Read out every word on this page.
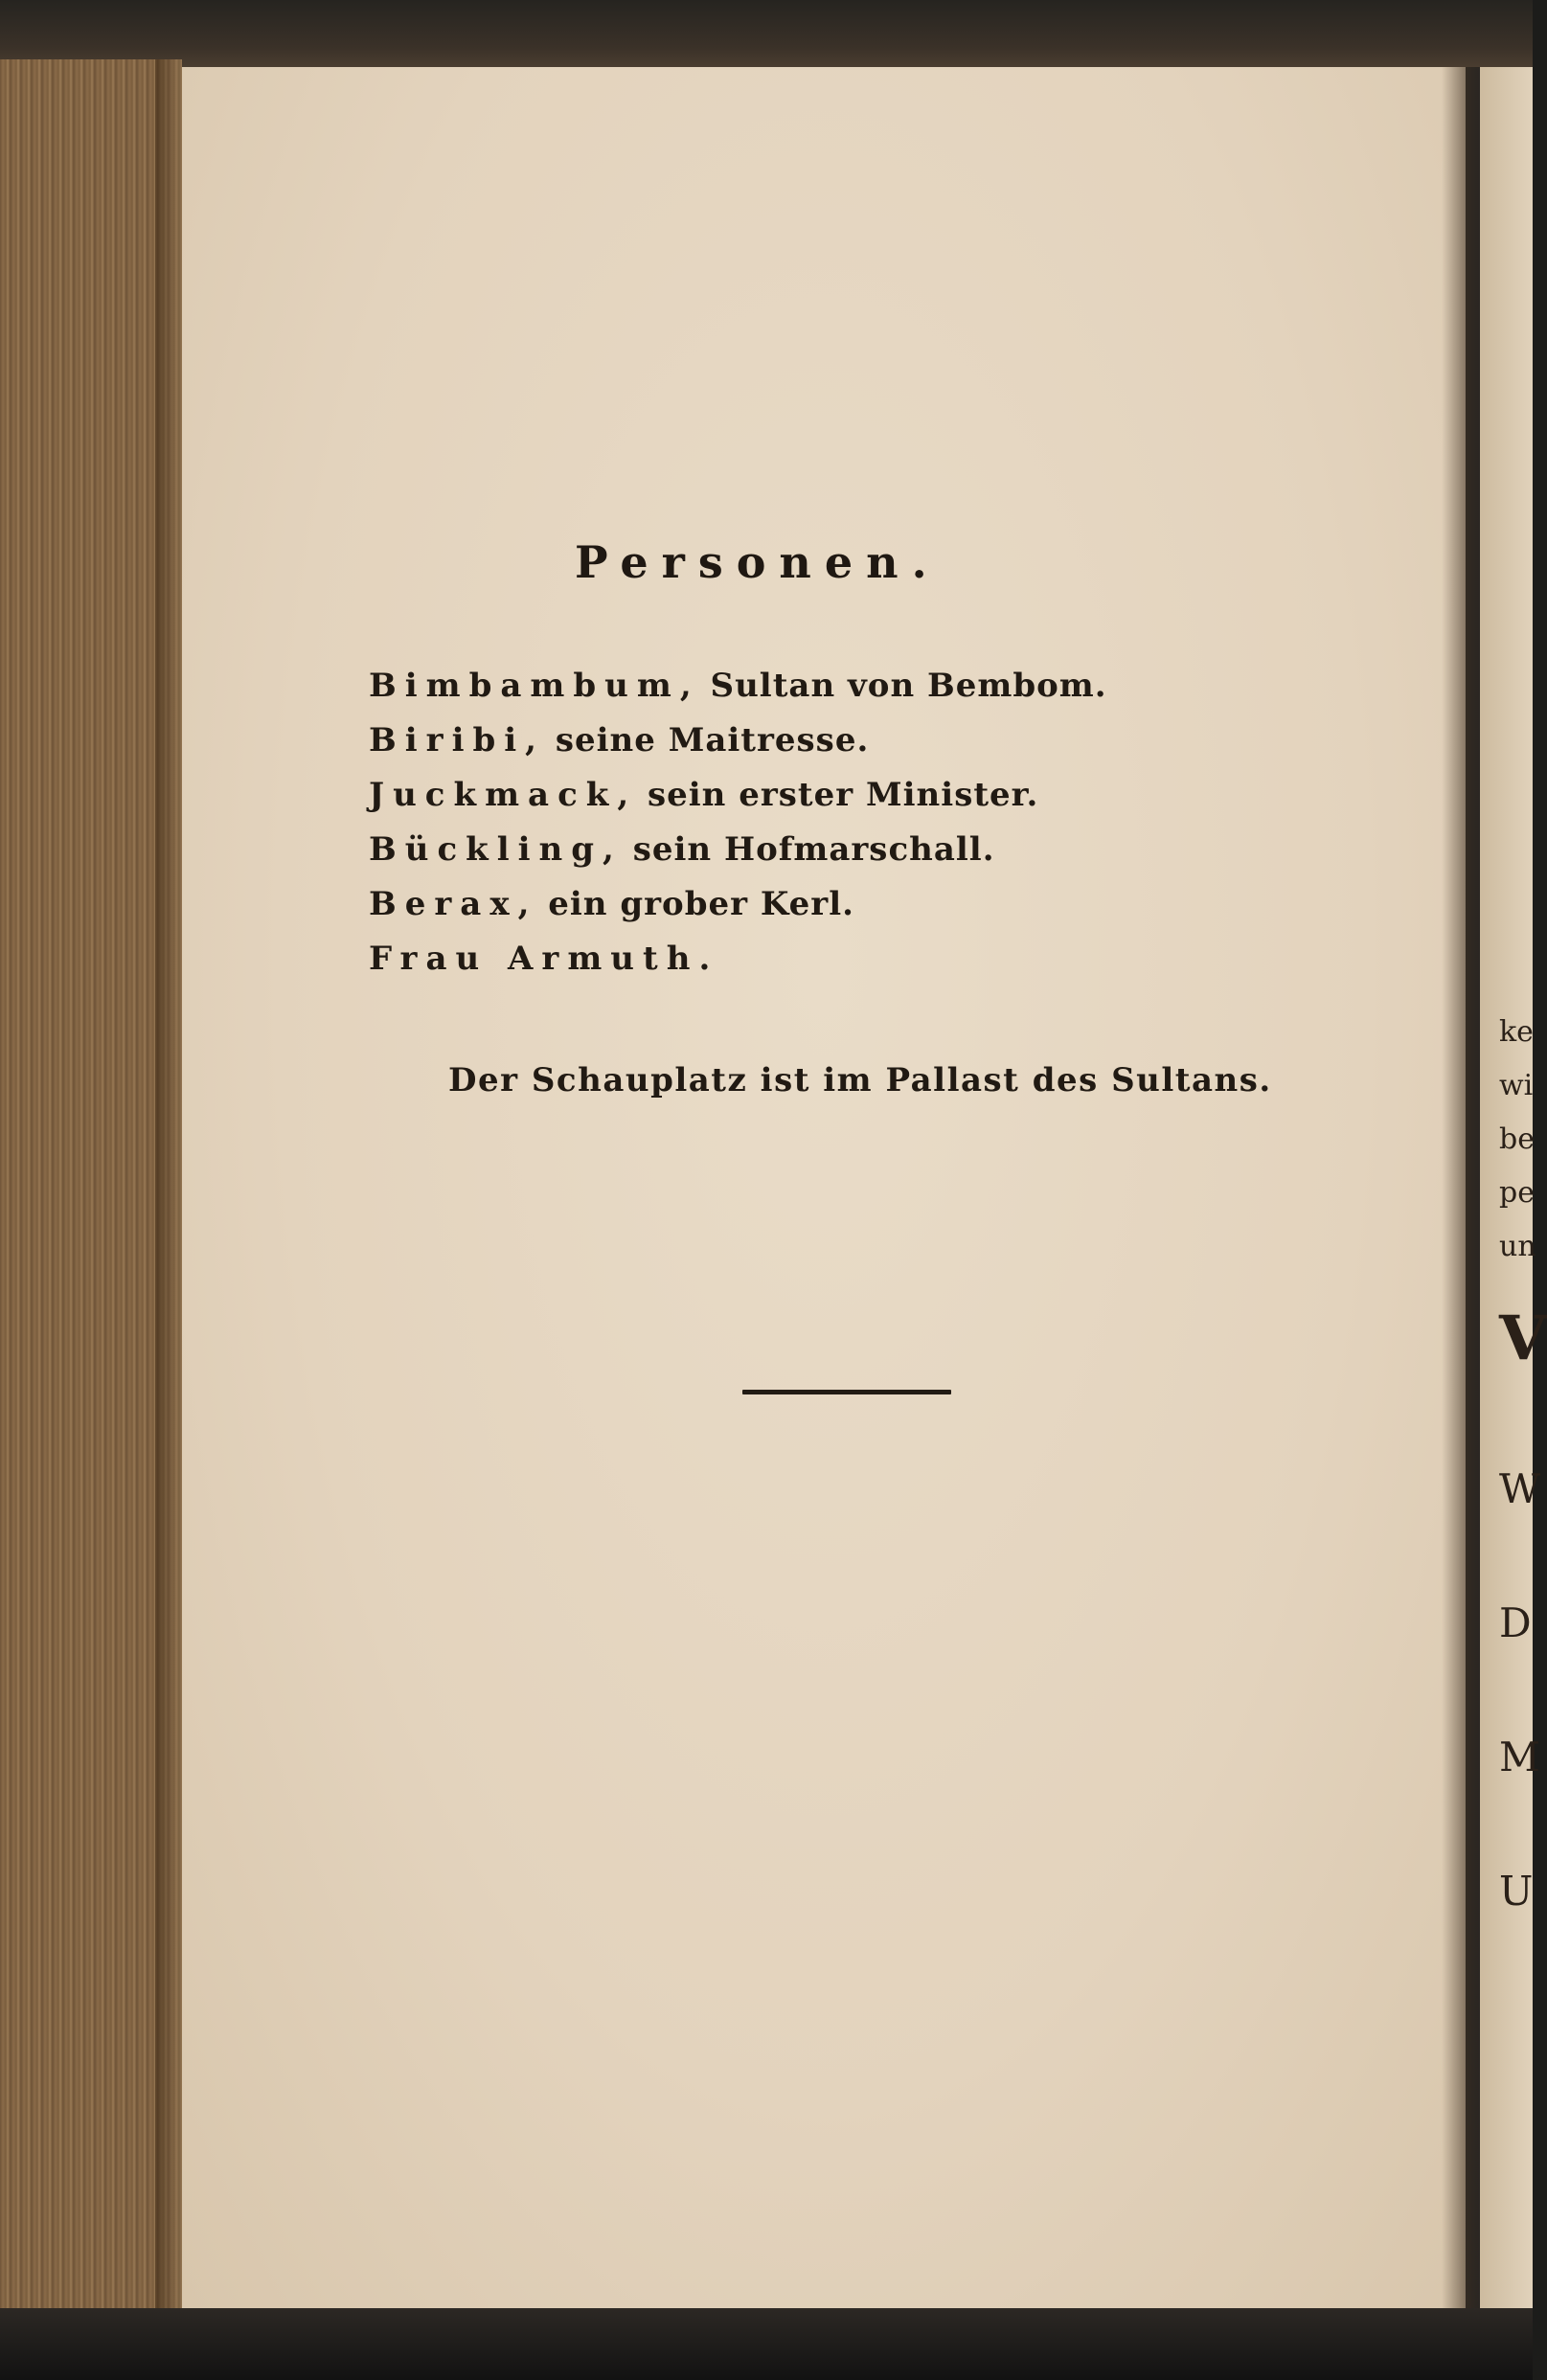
ke
wi
be
pe
un
V
W
D
M
U
Personen.
Bimbambum, Sultan von Bembom.
Biribi, seine Maitresse.
Juckmack, sein erster Minister.
Bückling, sein Hofmarschall.
Berax, ein grober Kerl.
Frau Armuth.

Der Schauplatz ist im Pallast des Sultans.
